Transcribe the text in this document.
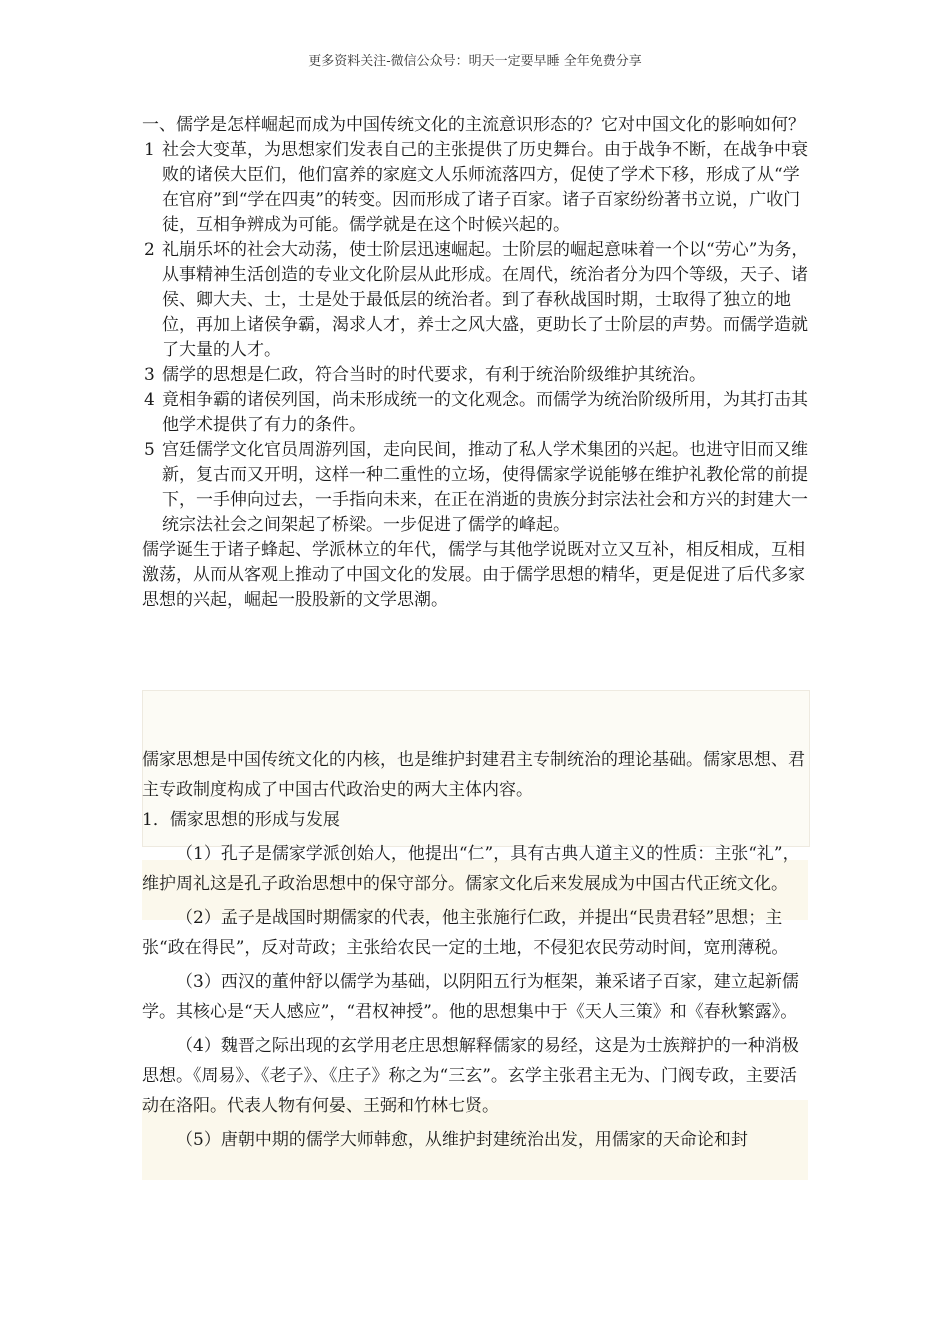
更多资料关注-微信公众号：明天一定要早睡 全年免费分享

一、儒学是怎样崛起而成为中国传统文化的主流意识形态的？它对中国文化的影响如何？

1 社会大变革，为思想家们发表自己的主张提供了历史舞台。由于战争不断，在战争中衰败的诸侯大臣们，他们富养的家庭文人乐师流落四方，促使了学术下移，形成了从“学在官府”到“学在四夷”的转变。因而形成了诸子百家。诸子百家纷纷著书立说，广收门徒，互相争辨成为可能。儒学就是在这个时候兴起的。

2 礼崩乐坏的社会大动荡，使士阶层迅速崛起。士阶层的崛起意味着一个以“劳心”为务，从事精神生活创造的专业文化阶层从此形成。在周代，统治者分为四个等级，天子、诸侯、卿大夫、士，士是处于最低层的统治者。到了春秋战国时期，士取得了独立的地位，再加上诸侯争霸，渴求人才，养士之风大盛，更助长了士阶层的声势。而儒学造就了大量的人才。

3 儒学的思想是仁政，符合当时的时代要求，有利于统治阶级维护其统治。

4 竟相争霸的诸侯列国，尚未形成统一的文化观念。而儒学为统治阶级所用，为其打击其他学术提供了有力的条件。

5 宫廷儒学文化官员周游列国，走向民间，推动了私人学术集团的兴起。也进守旧而又维新，复古而又开明，这样一种二重性的立场，使得儒家学说能够在维护礼教伦常的前提下，一手伸向过去，一手指向未来，在正在消逝的贵族分封宗法社会和方兴的封建大一统宗法社会之间架起了桥梁。一步促进了儒学的峰起。

儒学诞生于诸子蜂起、学派林立的年代，儒学与其他学说既对立又互补，相反相成，互相激荡，从而从客观上推动了中国文化的发展。由于儒学思想的精华，更是促进了后代多家思想的兴起，崛起一股股新的文学思潮。

儒家思想是中国传统文化的内核，也是维护封建君主专制统治的理论基础。儒家思想、君主专政制度构成了中国古代政治史的两大主体内容。

1．儒家思想的形成与发展

（1）孔子是儒家学派创始人，他提出“仁”，具有古典人道主义的性质：主张“礼”，维护周礼这是孔子政治思想中的保守部分。儒家文化后来发展成为中国古代正统文化。

（2）孟子是战国时期儒家的代表，他主张施行仁政，并提出“民贵君轻”思想；主张“政在得民”，反对苛政；主张给农民一定的土地，不侵犯农民劳动时间，宽刑薄税。

（3）西汉的董仲舒以儒学为基础，以阴阳五行为框架，兼采诸子百家，建立起新儒学。其核心是“天人感应”，“君权神授”。他的思想集中于《天人三策》和《春秋繁露》。

（4）魏晋之际出现的玄学用老庄思想解释儒家的易经，这是为士族辩护的一种消极思想。《周易》、《老子》、《庄子》称之为“三玄”。玄学主张君主无为、门阀专政，主要活动在洛阳。代表人物有何晏、王弼和竹林七贤。

（5）唐朝中期的儒学大师韩愈，从维护封建统治出发，用儒家的天命论和封
